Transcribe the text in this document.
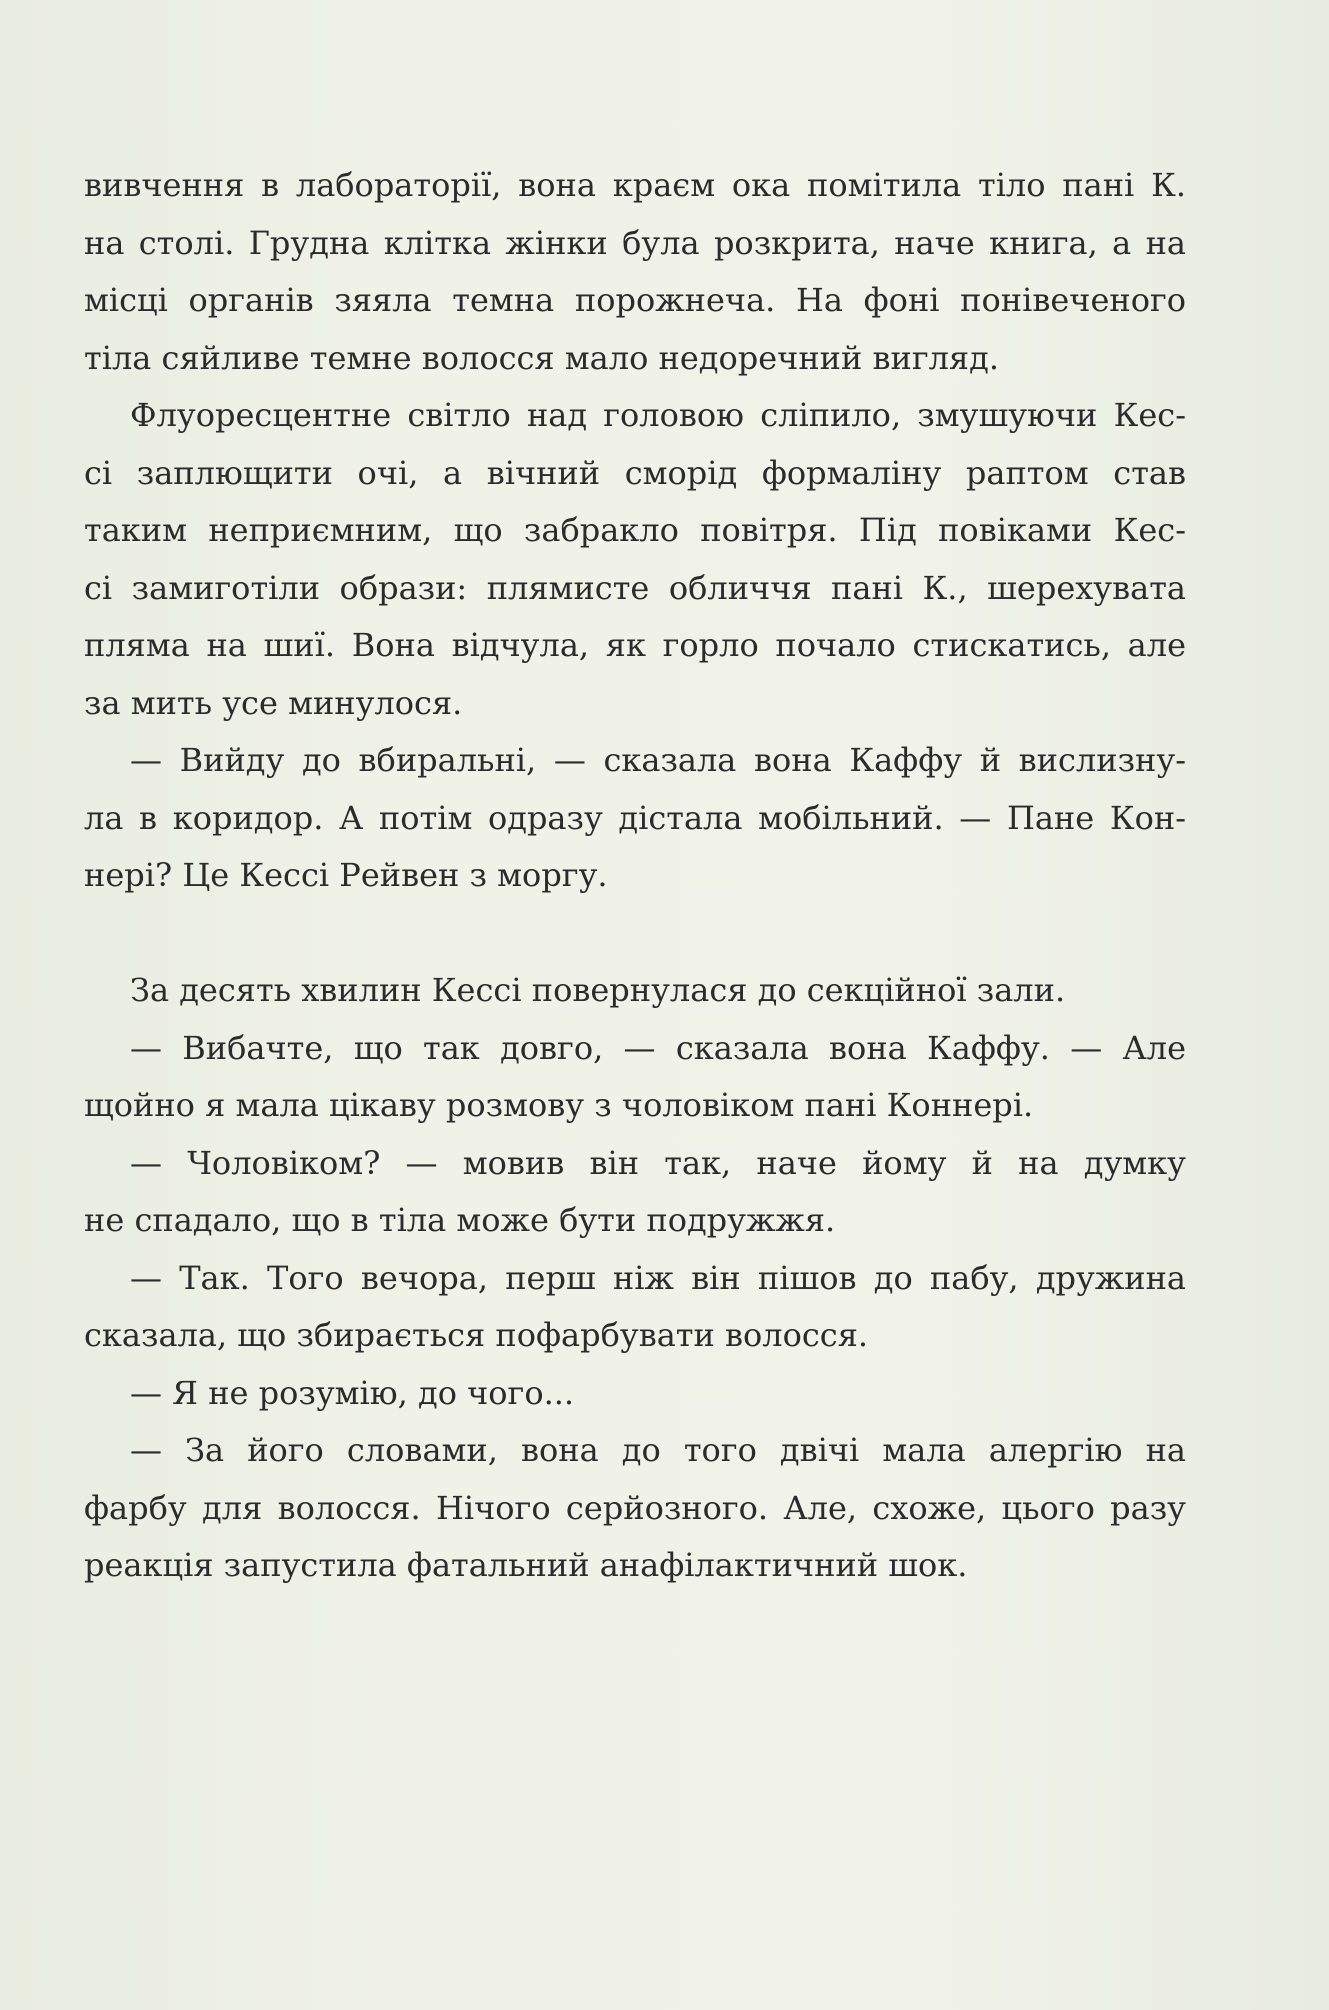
вивчення в лабораторії, вона краєм ока помітила тіло пані К.
на столі. Грудна клітка жінки була розкрита, наче книга, а на
місці органів зяяла темна порожнеча. На фоні понівеченого
тіла сяйливе темне волосся мало недоречний вигляд.
Флуоресцентне світло над головою сліпило, змушуючи Кес-
сі заплющити очі, а вічний сморід формаліну раптом став
таким неприємним, що забракло повітря. Під повіками Кес-
сі замиготіли образи: плямисте обличчя пані К., шерехувата
пляма на шиї. Вона відчула, як горло почало стискатись, але
за мить усе минулося.
— Вийду до вбиральні, — сказала вона Каффу й вислизну-
ла в коридор. А потім одразу дістала мобільний. — Пане Кон-
нері? Це Кессі Рейвен з моргу.
За десять хвилин Кессі повернулася до секційної зали.
— Вибачте, що так довго, — сказала вона Каффу. — Але
щойно я мала цікаву розмову з чоловіком пані Коннері.
— Чоловіком? — мовив він так, наче йому й на думку
не спадало, що в тіла може бути подружжя.
— Так. Того вечора, перш ніж він пішов до пабу, дружина
сказала, що збирається пофарбувати волосся.
— Я не розумію, до чого...
— За його словами, вона до того двічі мала алергію на
фарбу для волосся. Нічого серйозного. Але, схоже, цього разу
реакція запустила фатальний анафілактичний шок.
